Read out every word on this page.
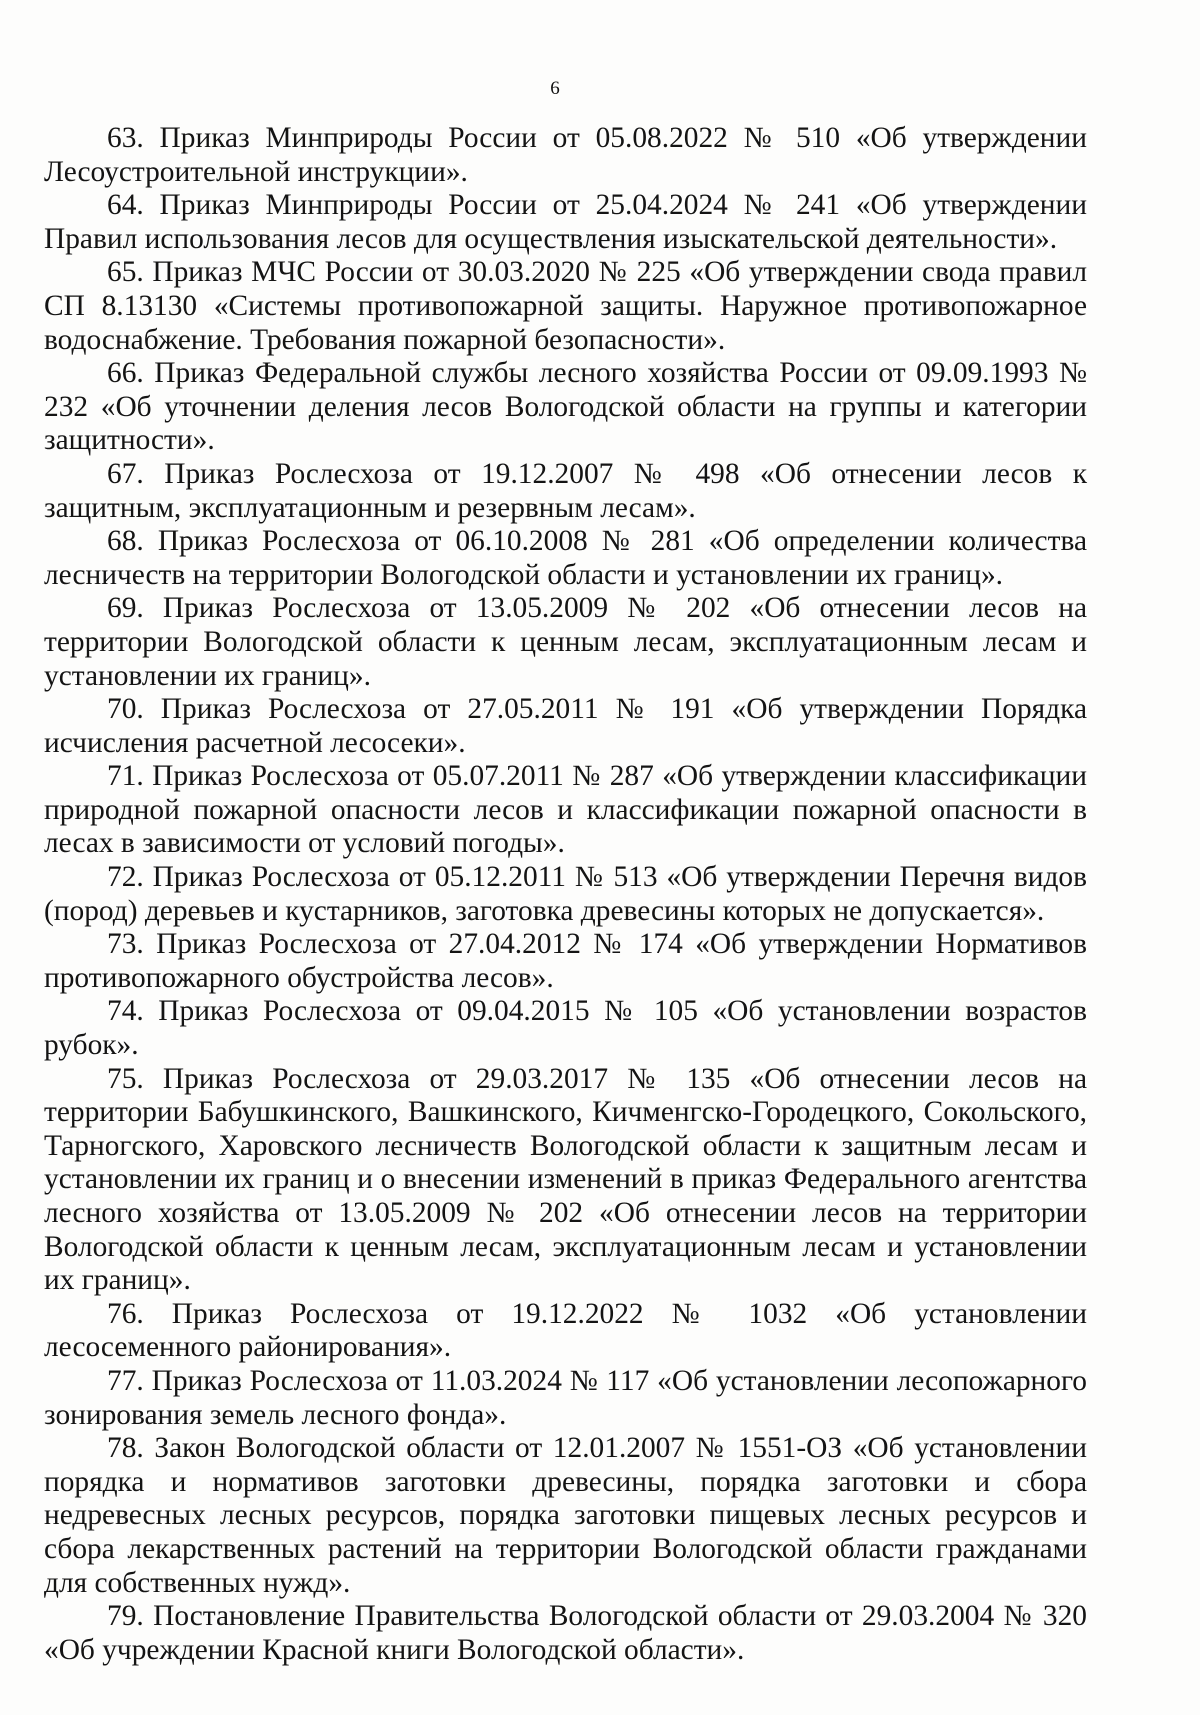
6

63. Приказ Минприроды России от 05.08.2022 № 510 «Об утверждении Лесоустроительной инструкции».

64. Приказ Минприроды России от 25.04.2024 № 241 «Об утверждении Правил использования лесов для осуществления изыскательской деятельности».

65. Приказ МЧС России от 30.03.2020 № 225 «Об утверждении свода правил СП 8.13130 «Системы противопожарной защиты. Наружное противопожарное водоснабжение. Требования пожарной безопасности».

66. Приказ Федеральной службы лесного хозяйства России от 09.09.1993 № 232 «Об уточнении деления лесов Вологодской области на группы и категории защитности».

67. Приказ Рослесхоза от 19.12.2007 № 498 «Об отнесении лесов к защитным, эксплуатационным и резервным лесам».

68. Приказ Рослесхоза от 06.10.2008 № 281 «Об определении количества лесничеств на территории Вологодской области и установлении их границ».

69. Приказ Рослесхоза от 13.05.2009 № 202 «Об отнесении лесов на территории Вологодской области к ценным лесам, эксплуатационным лесам и установлении их границ».

70. Приказ Рослесхоза от 27.05.2011 № 191 «Об утверждении Порядка исчисления расчетной лесосеки».

71. Приказ Рослесхоза от 05.07.2011 № 287 «Об утверждении классификации природной пожарной опасности лесов и классификации пожарной опасности в лесах в зависимости от условий погоды».

72. Приказ Рослесхоза от 05.12.2011 № 513 «Об утверждении Перечня видов (пород) деревьев и кустарников, заготовка древесины которых не допускается».

73. Приказ Рослесхоза от 27.04.2012 № 174 «Об утверждении Нормативов противопожарного обустройства лесов».

74. Приказ Рослесхоза от 09.04.2015 № 105 «Об установлении возрастов рубок».

75. Приказ Рослесхоза от 29.03.2017 № 135 «Об отнесении лесов на территории Бабушкинского, Вашкинского, Кичменгско-Городецкого, Сокольского, Тарногского, Харовского лесничеств Вологодской области к защитным лесам и установлении их границ и о внесении изменений в приказ Федерального агентства лесного хозяйства от 13.05.2009 № 202 «Об отнесении лесов на территории Вологодской области к ценным лесам, эксплуатационным лесам и установлении их границ».

76. Приказ Рослесхоза от 19.12.2022 № 1032 «Об установлении лесосеменного районирования».

77. Приказ Рослесхоза от 11.03.2024 № 117 «Об установлении лесопожарного зонирования земель лесного фонда».

78. Закон Вологодской области от 12.01.2007 № 1551-ОЗ «Об установлении порядка и нормативов заготовки древесины, порядка заготовки и сбора недревесных лесных ресурсов, порядка заготовки пищевых лесных ресурсов и сбора лекарственных растений на территории Вологодской области гражданами для собственных нужд».

79. Постановление Правительства Вологодской области от 29.03.2004 № 320 «Об учреждении Красной книги Вологодской области».
